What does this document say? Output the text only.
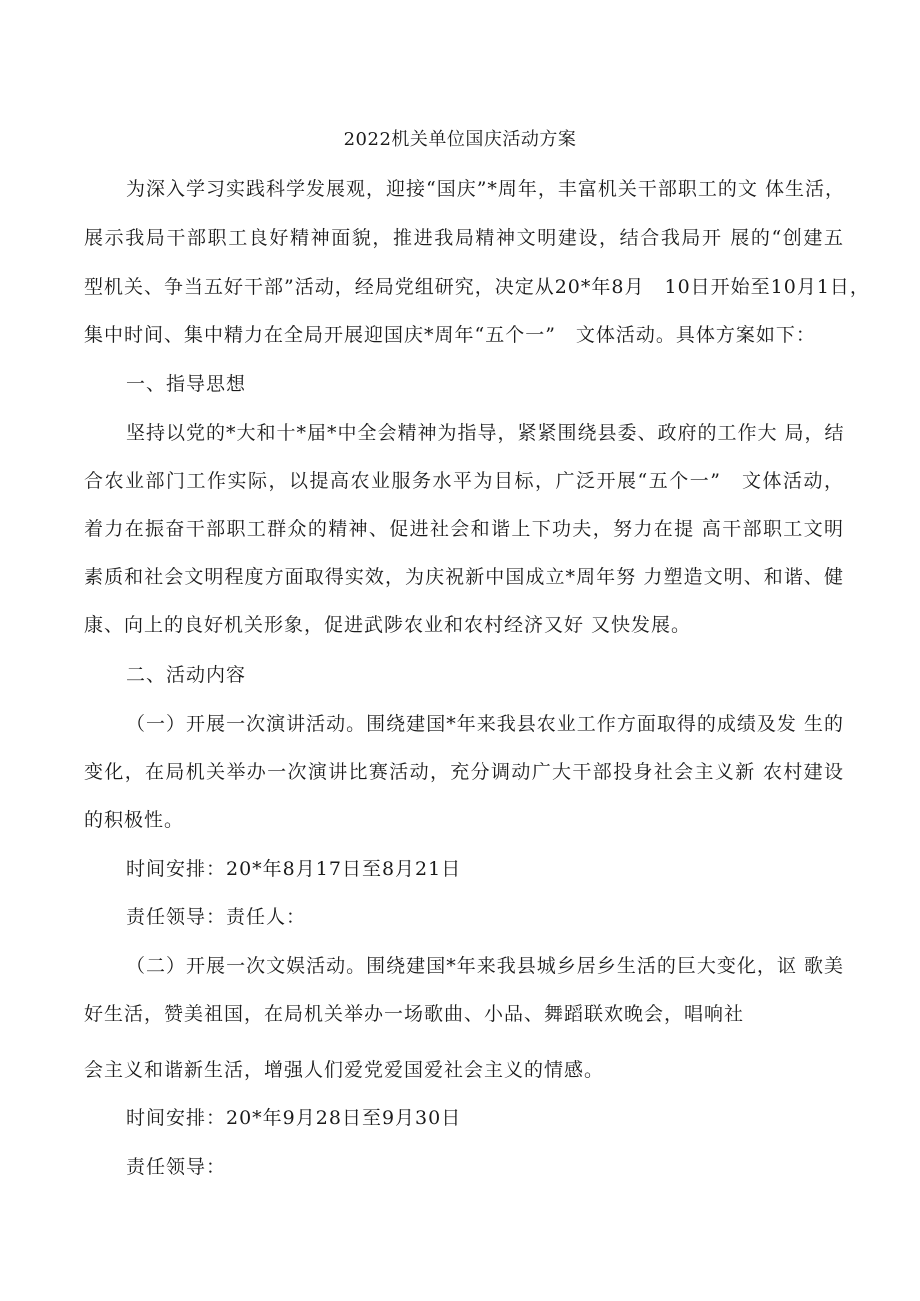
2022机关单位国庆活动方案
为深入学习实践科学发展观，迎接“国庆”*周年，丰富机关干部职工的文 体生活，
展示我局干部职工良好精神面貌，推进我局精神文明建设，结合我局开 展的“创建五
型机关、争当五好干部”活动，经局党组研究，决定从20*年8月　10日开始至10月1日，
集中时间、集中精力在全局开展迎国庆*周年“五个一”　文体活动。具体方案如下：
一、指导思想
坚持以党的*大和十*届*中全会精神为指导，紧紧围绕县委、政府的工作大 局，结
合农业部门工作实际，以提高农业服务水平为目标，广泛开展“五个一”　文体活动，
着力在振奋干部职工群众的精神、促进社会和谐上下功夫，努力在提 高干部职工文明
素质和社会文明程度方面取得实效，为庆祝新中国成立*周年努 力塑造文明、和谐、健
康、向上的良好机关形象，促进武陟农业和农村经济又好 又快发展。
二、活动内容
（一）开展一次演讲活动。围绕建国*年来我县农业工作方面取得的成绩及发 生的
变化，在局机关举办一次演讲比赛活动，充分调动广大干部投身社会主义新 农村建设
的积极性。
时间安排：20*年8月17日至8月21日
责任领导：责任人：
（二）开展一次文娱活动。围绕建国*年来我县城乡居乡生活的巨大变化，讴 歌美
好生活，赞美祖国，在局机关举办一场歌曲、小品、舞蹈联欢晚会，唱响社
会主义和谐新生活，增强人们爱党爱国爱社会主义的情感。
时间安排：20*年9月28日至9月30日
责任领导：
